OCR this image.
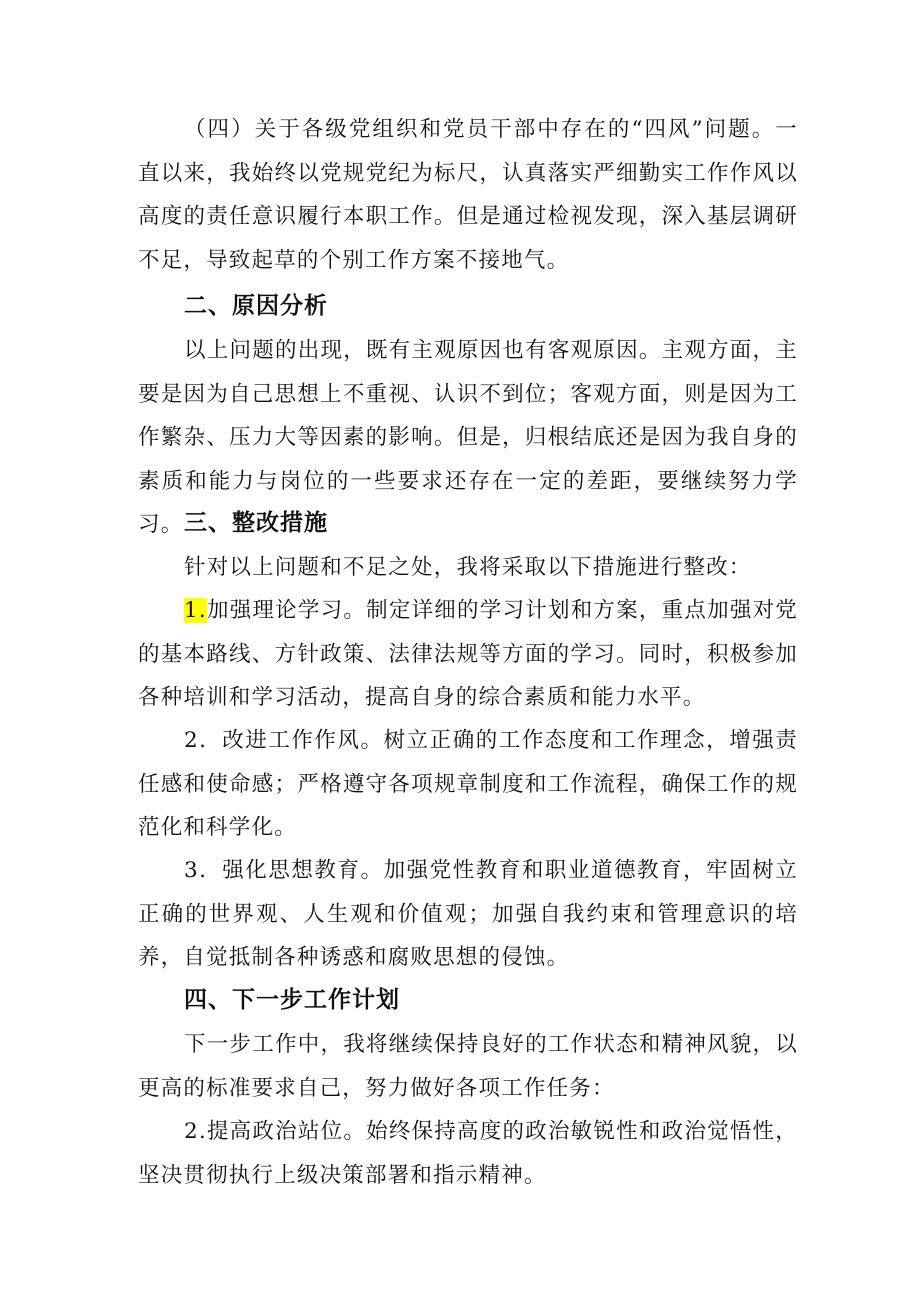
（四）关于各级党组织和党员干部中存在的“四风”问题。一直以来，我始终以党规党纪为标尺，认真落实严细勤实工作作风以高度的责任意识履行本职工作。但是通过检视发现，深入基层调研不足，导致起草的个别工作方案不接地气。

二、原因分析

以上问题的出现，既有主观原因也有客观原因。主观方面，主要是因为自己思想上不重视、认识不到位；客观方面，则是因为工作繁杂、压力大等因素的影响。但是，归根结底还是因为我自身的素质和能力与岗位的一些要求还存在一定的差距，要继续努力学习。 三、整改措施

针对以上问题和不足之处，我将采取以下措施进行整改：

1.加强理论学习。制定详细的学习计划和方案，重点加强对党的基本路线、方针政策、法律法规等方面的学习。同时，积极参加各种培训和学习活动，提高自身的综合素质和能力水平。

2．改进工作作风。树立正确的工作态度和工作理念，增强责任感和使命感；严格遵守各项规章制度和工作流程，确保工作的规范化和科学化。

3．强化思想教育。加强党性教育和职业道德教育，牢固树立正确的世界观、人生观和价值观；加强自我约束和管理意识的培养，自觉抵制各种诱惑和腐败思想的侵蚀。

四、下一步工作计划

下一步工作中，我将继续保持良好的工作状态和精神风貌，以更高的标准要求自己，努力做好各项工作任务：

2.提高政治站位。始终保持高度的政治敏锐性和政治觉悟性，坚决贯彻执行上级决策部署和指示精神。
